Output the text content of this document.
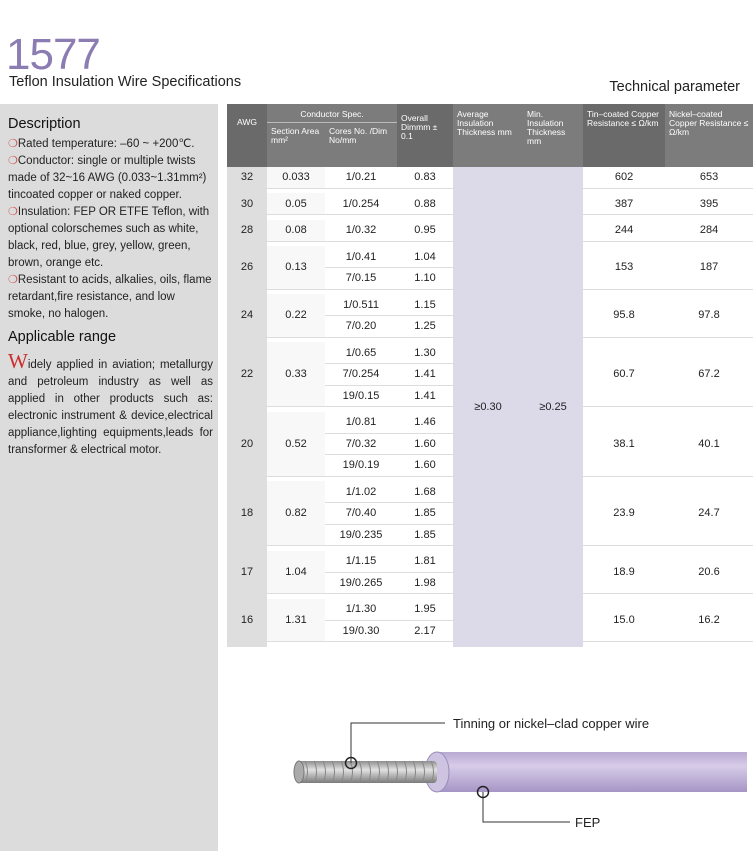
1577
Teflon Insulation Wire Specifications	Technical parameter
Description

❍Rated temperature: –60 ~ +200℃.

❍Conductor: single or multiple twists made of 32~16 AWG (0.033~1.31mm²) tincoated copper or naked copper.

❍Insulation: FEP OR ETFE Teflon, with optional colorschemes such as white, black, red, blue, grey, yellow, green, brown, orange etc.

❍Resistant to acids, alkalies, oils, flame retardant,fire resistance, and low smoke, no halogen.

Applicable range

Widely applied in aviation; metallurgy and petroleum industry as well as applied in other products such as: electronic instrument & device,electrical appliance,lighting equipments,leads for transformer & electrical motor.

AWG	Conductor Spec.		Overall Dimmm ± 0.1	Average Insulation Thickness mm	Min. Insulation Thickness mm	Tin–coated Copper Resistance ≤ Ω/km	Nickel–coated Copper Resistance ≤ Ω/km
	Section Area mm²	Cores No. /Dim No/mm					
32	0.033	1/0.21	0.83	≥0.30	≥0.25	602	653

30	0.05	1/0.254	0.88			387	395

28	0.08	1/0.32	0.95			244	284

26	0.13	1/0.41	1.04			153	187
		7/0.15	1.10				

24	0.22	1/0.511	1.15			95.8	97.8
		7/0.20	1.25				

22	0.33	1/0.65	1.30			60.7	67.2
		7/0.254	1.41				
		19/0.15	1.41				

20	0.52	1/0.81	1.46			38.1	40.1
		7/0.32	1.60				
		19/0.19	1.60				

18	0.82	1/1.02	1.68			23.9	24.7
		7/0.40	1.85				
		19/0.235	1.85				

17	1.04	1/1.15	1.81			18.9	20.6
		19/0.265	1.98				

16	1.31	1/1.30	1.95			15.0	16.2
		19/0.30	2.17				

Tinning or nickel–clad copper wire
FEP
